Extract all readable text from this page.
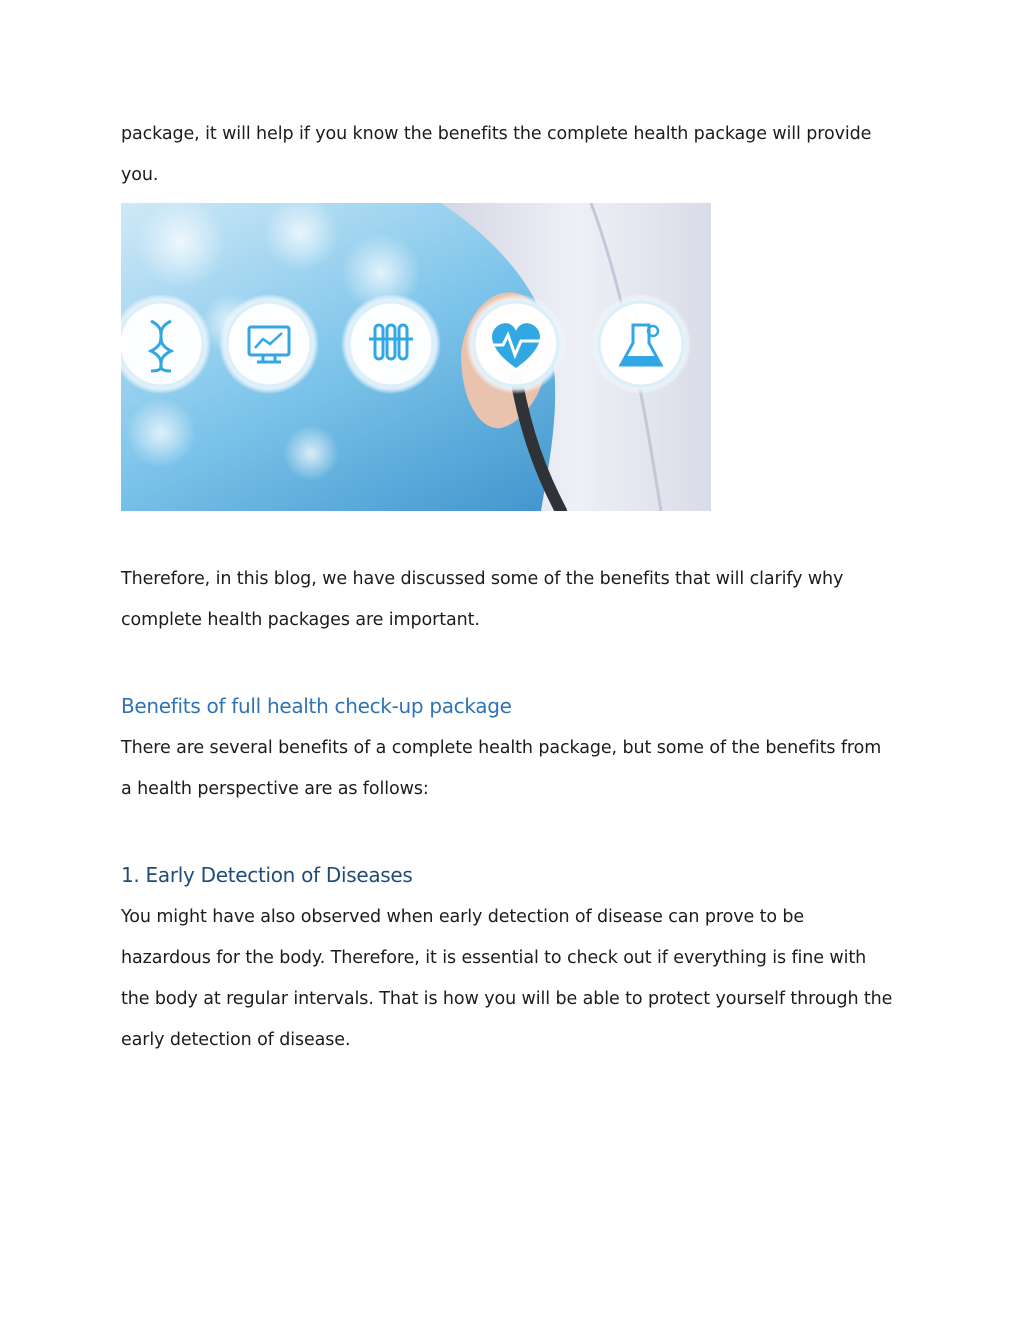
package, it will help if you know the benefits the complete health package will provide you.

Therefore, in this blog, we have discussed some of the benefits that will clarify why complete health packages are important.

Benefits of full health check-up package

There are several benefits of a complete health package, but some of the benefits from a health perspective are as follows:

1. Early Detection of Diseases

You might have also observed when early detection of disease can prove to be hazardous for the body. Therefore, it is essential to check out if everything is fine with the body at regular intervals. That is how you will be able to protect yourself through the early detection of disease.
